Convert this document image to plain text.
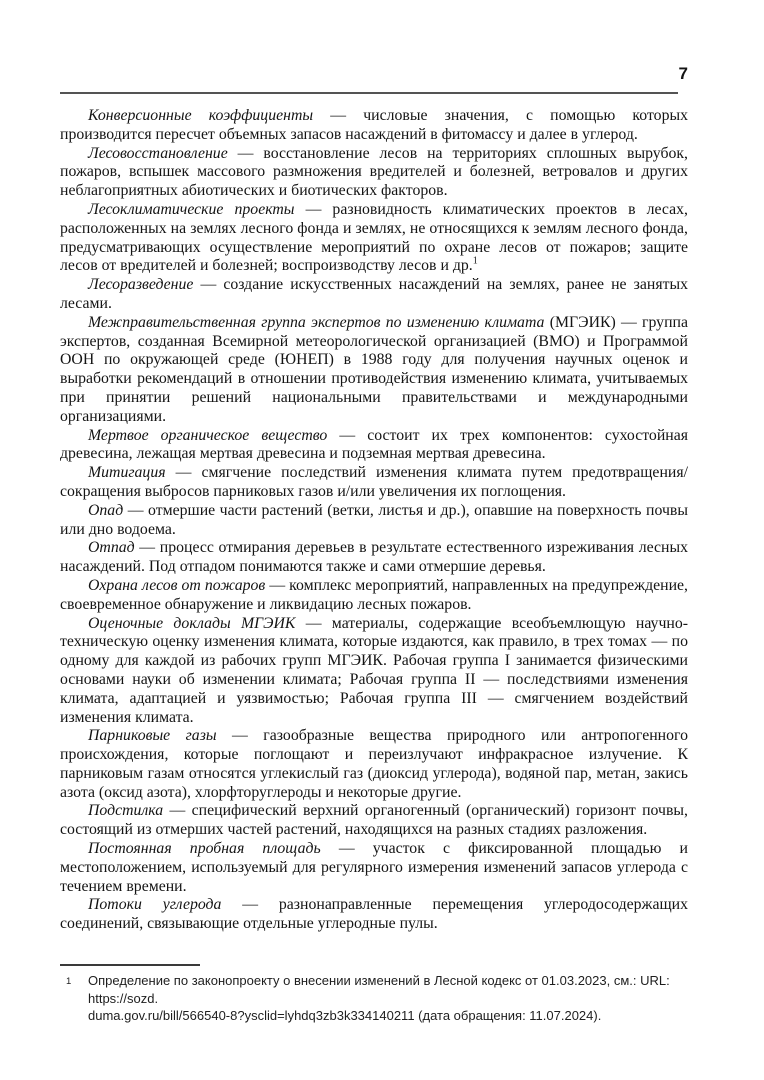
7

Конверсионные коэффициенты — числовые значения, с помощью которых производится пересчет объемных запасов насаждений в фитомассу и далее в углерод.

Лесовосстановление — восстановление лесов на территориях сплошных вырубок, пожаров, вспышек массового размножения вредителей и болезней, ветровалов и других неблагоприятных абиотических и биотических факторов.

Лесоклиматические проекты — разновидность климатических проектов в лесах, расположенных на землях лесного фонда и землях, не относящихся к землям лесного фонда, предусматривающих осуществление мероприятий по охране лесов от пожаров; защите лесов от вредителей и болезней; воспроизводству лесов и др.$^1$

Лесоразведение — создание искусственных насаждений на землях, ранее не занятых лесами.

Межправительственная группа экспертов по изменению климата (МГЭИК) — группа экспертов, созданная Всемирной метеорологической организацией (ВМО) и Программой ООН по окружающей среде (ЮНЕП) в 1988 году для получения научных оценок и выработки рекомендаций в отношении противодействия изменению климата, учитываемых при принятии решений национальными правительствами и международными организациями.

Мертвое органическое вещество — состоит их трех компонентов: сухостойная древесина, лежащая мертвая древесина и подземная мертвая древесина.

Митигация — смягчение последствий изменения климата путем предотвращения/сокращения выбросов парниковых газов и/или увеличения их поглощения.

Опад — отмершие части растений (ветки, листья и др.), опавшие на поверхность почвы или дно водоема.

Отпад — процесс отмирания деревьев в результате естественного изреживания лесных насаждений. Под отпадом понимаются также и сами отмершие деревья.

Охрана лесов от пожаров — комплекс мероприятий, направленных на предупреждение, своевременное обнаружение и ликвидацию лесных пожаров.

Оценочные доклады МГЭИК — материалы, содержащие всеобъемлющую научно-техническую оценку изменения климата, которые издаются, как правило, в трех томах — по одному для каждой из рабочих групп МГЭИК. Рабочая группа I занимается физическими основами науки об изменении климата; Рабочая группа II — последствиями изменения климата, адаптацией и уязвимостью; Рабочая группа III — смягчением воздействий изменения климата.

Парниковые газы — газообразные вещества природного или антропогенного происхождения, которые поглощают и переизлучают инфракрасное излучение. К парниковым газам относятся углекислый газ (диоксид углерода), водяной пар, метан, закись азота (оксид азота), хлорфторуглероды и некоторые другие.

Подстилка — специфический верхний органогенный (органический) горизонт почвы, состоящий из отмерших частей растений, находящихся на разных стадиях разложения.

Постоянная пробная площадь — участок с фиксированной площадью и местоположением, используемый для регулярного измерения изменений запасов углерода с течением времени.

Потоки углерода — разнонаправленные перемещения углеродосодержащих соединений, связывающие отдельные углеродные пулы.

1 Определение по законопроекту о внесении изменений в Лесной кодекс от 01.03.2023, см.: URL: https://sozd.
duma.gov.ru/bill/566540-8?ysclid=lyhdq3zb3k334140211 (дата обращения: 11.07.2024).
